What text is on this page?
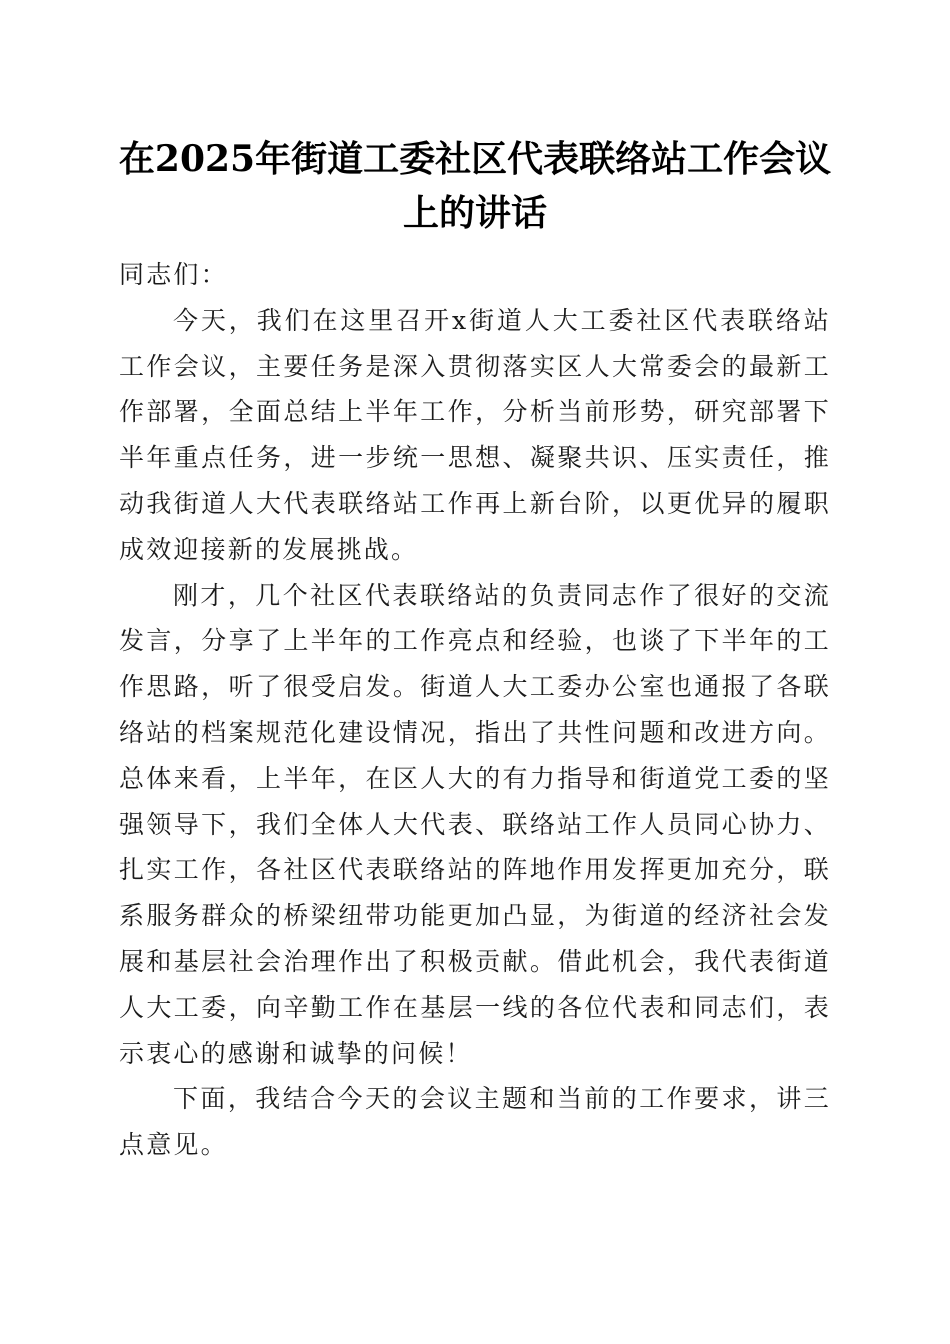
在2025年街道工委社区代表联络站工作会议
上的讲话

同志们：

今天，我们在这里召开x街道人大工委社区代表联络站工作会议，主要任务是深入贯彻落实区人大常委会的最新工作部署，全面总结上半年工作，分析当前形势，研究部署下半年重点任务，进一步统一思想、凝聚共识、压实责任，推动我街道人大代表联络站工作再上新台阶，以更优异的履职成效迎接新的发展挑战。

刚才，几个社区代表联络站的负责同志作了很好的交流发言，分享了上半年的工作亮点和经验，也谈了下半年的工作思路，听了很受启发。街道人大工委办公室也通报了各联络站的档案规范化建设情况，指出了共性问题和改进方向。总体来看，上半年，在区人大的有力指导和街道党工委的坚强领导下，我们全体人大代表、联络站工作人员同心协力、扎实工作，各社区代表联络站的阵地作用发挥更加充分，联系服务群众的桥梁纽带功能更加凸显，为街道的经济社会发展和基层社会治理作出了积极贡献。借此机会，我代表街道人大工委，向辛勤工作在基层一线的各位代表和同志们，表示衷心的感谢和诚挚的问候！

下面，我结合今天的会议主题和当前的工作要求，讲三点意见。
